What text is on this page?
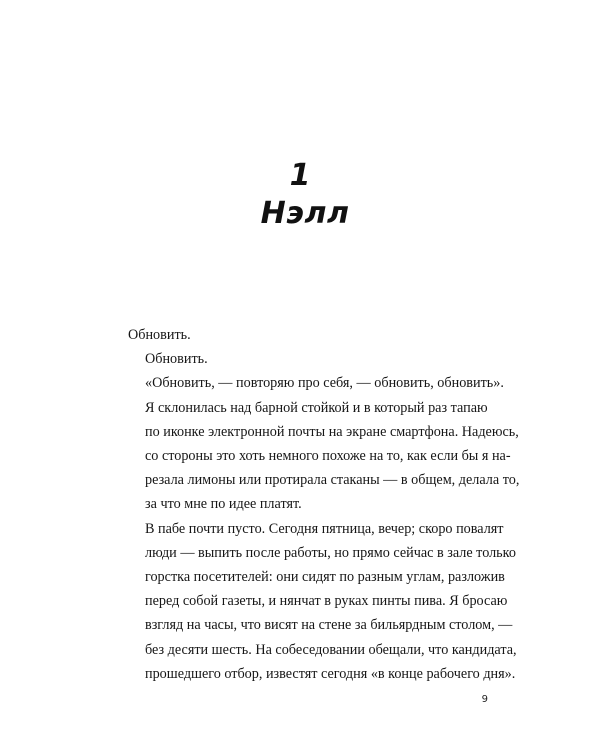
1
Нэлл

Обновить.

Обновить.

«Обновить, — повторяю про себя, — обновить, обновить».

Я склонилась над барной стойкой и в который раз тапаю
по иконке электронной почты на экране смартфона. Надеюсь,
со стороны это хоть немного похоже на то, как если бы я на-
резала лимоны или протирала стаканы — в общем, делала то,
за что мне по идее платят.

В пабе почти пусто. Сегодня пятница, вечер; скоро повалят
люди — выпить после работы, но прямо сейчас в зале только
горстка посетителей: они сидят по разным углам, разложив
перед собой газеты, и нянчат в руках пинты пива. Я бросаю
взгляд на часы, что висят на стене за бильярдным столом, —
без десяти шесть. На собеседовании обещали, что кандидата,
прошедшего отбор, известят сегодня «в конце рабочего дня».

9
